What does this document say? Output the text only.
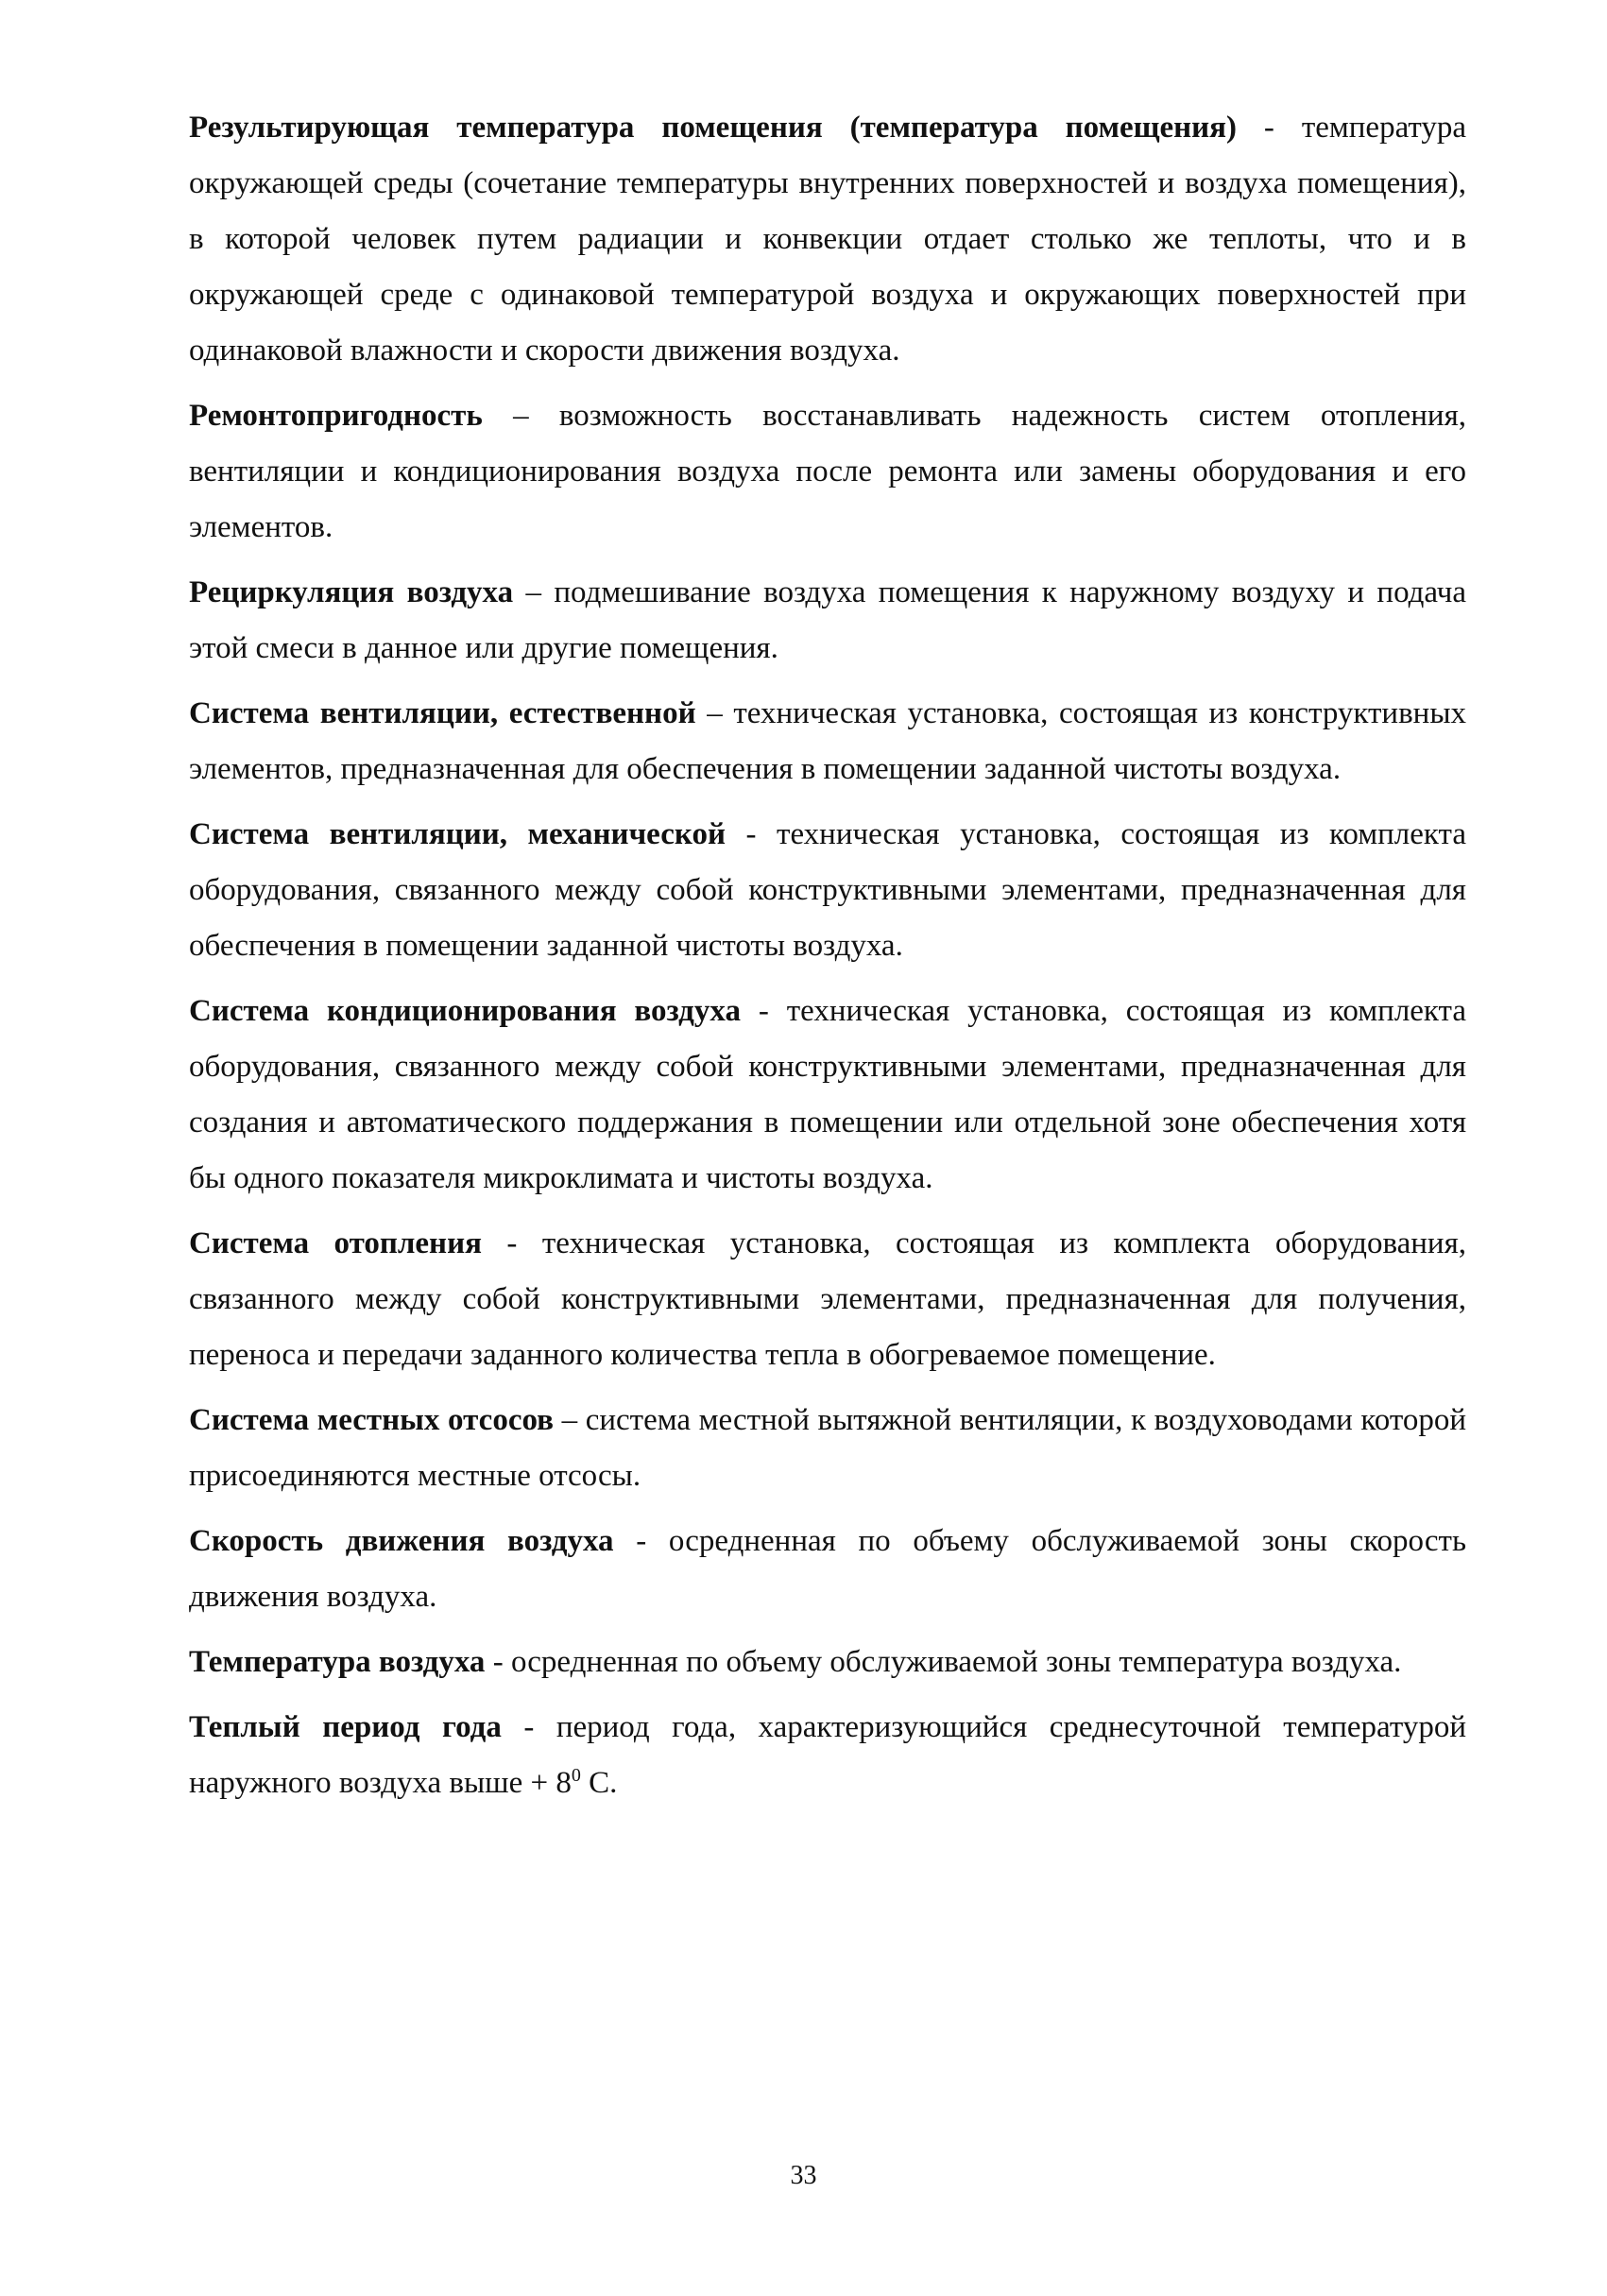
Результирующая температура помещения (температура помещения) - температура окружающей среды (сочетание температуры внутренних поверхностей и воздуха помещения), в которой человек путем радиации и конвекции отдает столько же теплоты, что и в окружающей среде с одинаковой температурой воздуха и окружающих поверхностей при одинаковой влажности и скорости движения воздуха.

Ремонтопригодность – возможность восстанавливать надежность систем отопления, вентиляции и кондиционирования воздуха после ремонта или замены оборудования и его элементов.

Рециркуляция воздуха – подмешивание воздуха помещения к наружному воздуху и подача этой смеси в данное или другие помещения.

Система вентиляции, естественной – техническая установка, состоящая из конструктивных элементов, предназначенная для обеспечения в помещении заданной чистоты воздуха.

Система вентиляции, механической - техническая установка, состоящая из комплекта оборудования, связанного между собой конструктивными элементами, предназначенная для обеспечения в помещении заданной чистоты воздуха.

Система кондиционирования воздуха - техническая установка, состоящая из комплекта оборудования, связанного между собой конструктивными элементами, предназначенная для создания и автоматического поддержания в помещении или отдельной зоне обеспечения хотя бы одного показателя микроклимата и чистоты воздуха.

Система отопления - техническая установка, состоящая из комплекта оборудования, связанного между собой конструктивными элементами, предназначенная для получения, переноса и передачи заданного количества тепла в обогреваемое помещение.

Система местных отсосов – система местной вытяжной вентиляции, к воздуховодами которой присоединяются местные отсосы.

Скорость движения воздуха - осредненная по объему обслуживаемой зоны скорость движения воздуха.

Температура воздуха - осредненная по объему обслуживаемой зоны температура воздуха.

Теплый период года - период года, характеризующийся среднесуточной температурой наружного воздуха выше + $8^0$ С.

33
